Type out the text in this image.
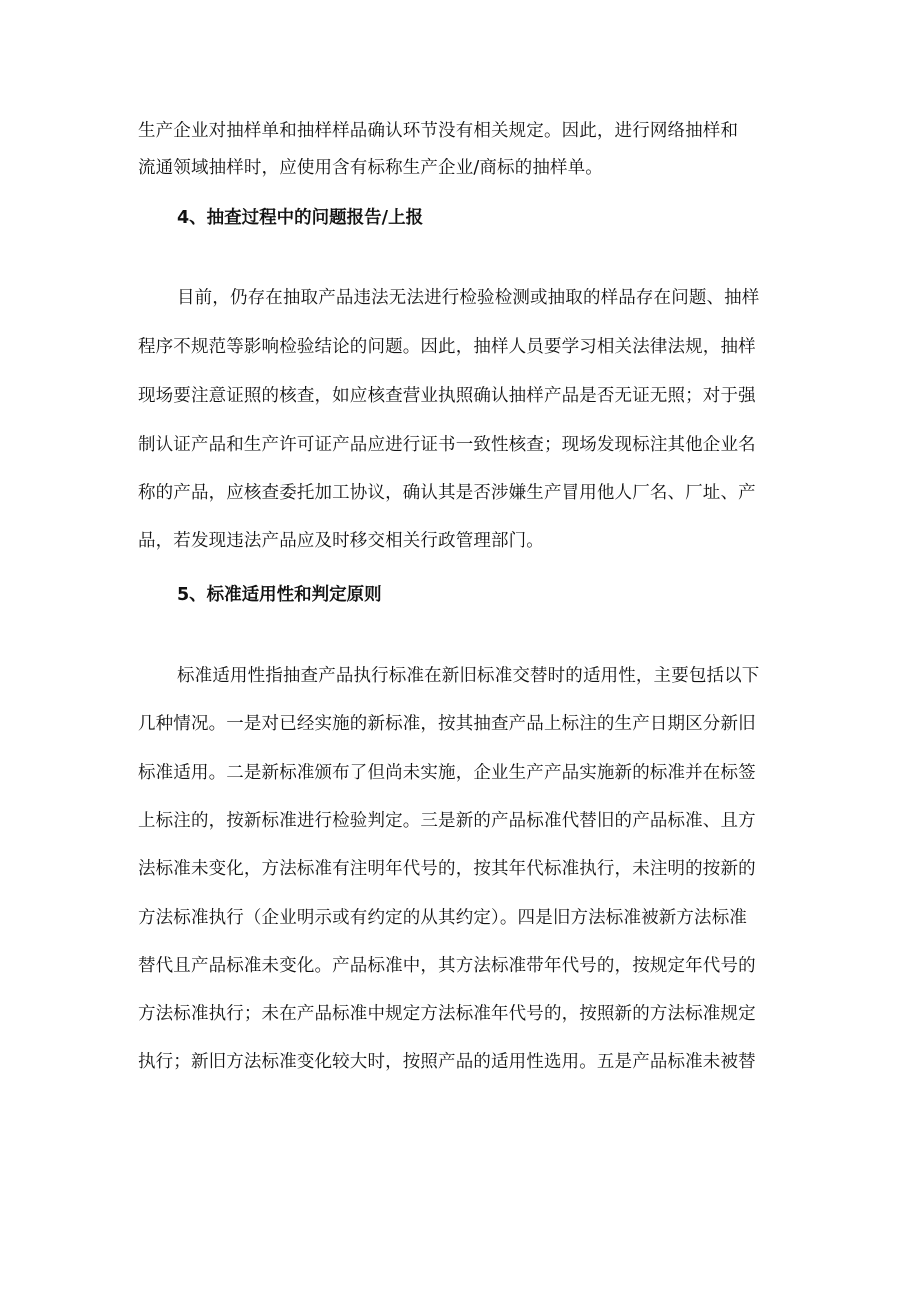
生产企业对抽样单和抽样样品确认环节没有相关规定。因此，进行网络抽样和
流通领域抽样时，应使用含有标称生产企业/商标的抽样单。
4、抽查过程中的问题报告/上报
目前，仍存在抽取产品违法无法进行检验检测或抽取的样品存在问题、抽样
程序不规范等影响检验结论的问题。因此，抽样人员要学习相关法律法规，抽样
现场要注意证照的核查，如应核查营业执照确认抽样产品是否无证无照；对于强
制认证产品和生产许可证产品应进行证书一致性核查；现场发现标注其他企业名
称的产品，应核查委托加工协议，确认其是否涉嫌生产冒用他人厂名、厂址、产
品，若发现违法产品应及时移交相关行政管理部门。
5、标准适用性和判定原则
标准适用性指抽查产品执行标准在新旧标准交替时的适用性，主要包括以下
几种情况。一是对已经实施的新标准，按其抽查产品上标注的生产日期区分新旧
标准适用。二是新标准颁布了但尚未实施，企业生产产品实施新的标准并在标签
上标注的，按新标准进行检验判定。三是新的产品标准代替旧的产品标准、且方
法标准未变化，方法标准有注明年代号的，按其年代标准执行，未注明的按新的
方法标准执行（企业明示或有约定的从其约定）。四是旧方法标准被新方法标准
替代且产品标准未变化。产品标准中，其方法标准带年代号的，按规定年代号的
方法标准执行；未在产品标准中规定方法标准年代号的，按照新的方法标准规定
执行；新旧方法标准变化较大时，按照产品的适用性选用。五是产品标准未被替
